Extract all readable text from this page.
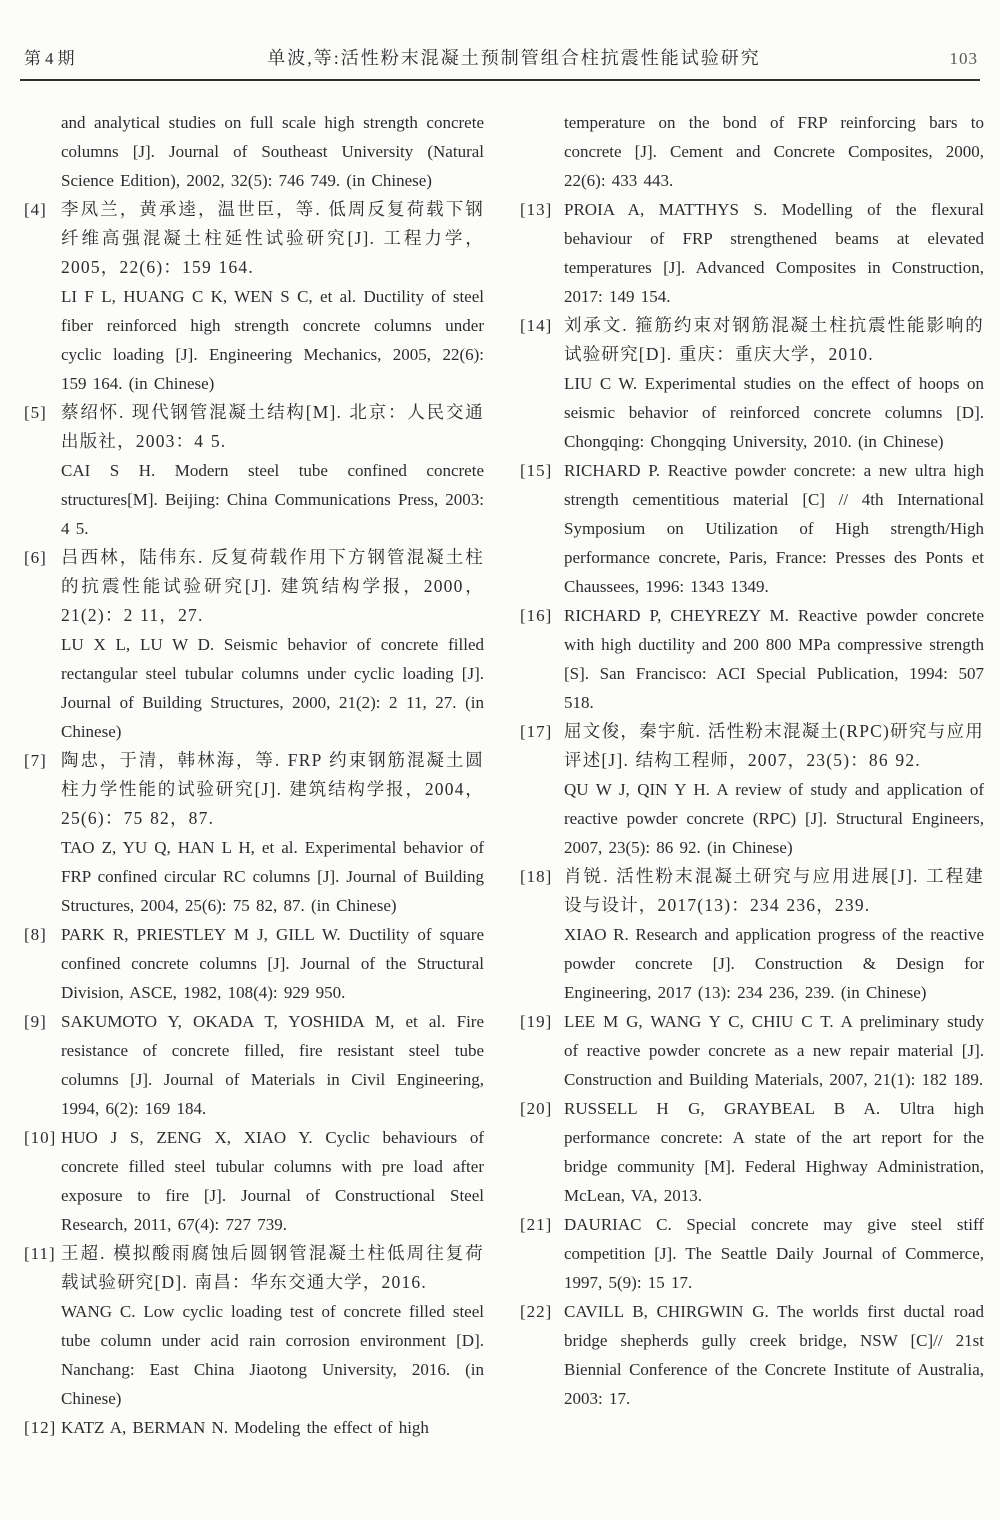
第4期	单波,等:活性粉末混凝土预制管组合柱抗震性能试验研究	103

and analytical studies on full scale high strength concrete columns [J]. Journal of Southeast University (Natural Science Edition), 2002, 32(5): 746 749. (in Chinese)

[4] 李凤兰，黄承逵，温世臣，等. 低周反复荷载下钢纤维高强混凝土柱延性试验研究[J]. 工程力学，2005，22(6)：159 164.

LI F L, HUANG C K, WEN S C, et al. Ductility of steel fiber reinforced high strength concrete columns under cyclic loading [J]. Engineering Mechanics, 2005, 22(6): 159 164. (in Chinese)

[5] 蔡绍怀. 现代钢管混凝土结构[M]. 北京：人民交通出版社，2003：4 5.

CAI S H. Modern steel tube confined concrete structures[M]. Beijing: China Communications Press, 2003: 4 5.

[6] 吕西林，陆伟东. 反复荷载作用下方钢管混凝土柱的抗震性能试验研究[J]. 建筑结构学报，2000，21(2)：2 11，27.

LU X L, LU W D. Seismic behavior of concrete filled rectangular steel tubular columns under cyclic loading [J]. Journal of Building Structures, 2000, 21(2): 2 11, 27. (in Chinese)

[7] 陶忠，于清，韩林海，等. FRP 约束钢筋混凝土圆柱力学性能的试验研究[J]. 建筑结构学报，2004，25(6)：75 82，87.

TAO Z, YU Q, HAN L H, et al. Experimental behavior of FRP confined circular RC columns [J]. Journal of Building Structures, 2004, 25(6): 75 82, 87. (in Chinese)

[8] PARK R, PRIESTLEY M J, GILL W. Ductility of square confined concrete columns [J]. Journal of the Structural Division, ASCE, 1982, 108(4): 929 950.

[9] SAKUMOTO Y, OKADA T, YOSHIDA M, et al. Fire resistance of concrete filled, fire resistant steel tube columns [J]. Journal of Materials in Civil Engineering, 1994, 6(2): 169 184.

[10] HUO J S, ZENG X, XIAO Y. Cyclic behaviours of concrete filled steel tubular columns with pre load after exposure to fire [J]. Journal of Constructional Steel Research, 2011, 67(4): 727 739.

[11] 王超. 模拟酸雨腐蚀后圆钢管混凝土柱低周往复荷载试验研究[D]. 南昌：华东交通大学，2016.

WANG C. Low cyclic loading test of concrete filled steel tube column under acid rain corrosion environment [D]. Nanchang: East China Jiaotong University, 2016. (in Chinese)

[12] KATZ A, BERMAN N. Modeling the effect of high

temperature on the bond of FRP reinforcing bars to concrete [J]. Cement and Concrete Composites, 2000, 22(6): 433 443.

[13] PROIA A, MATTHYS S. Modelling of the flexural behaviour of FRP strengthened beams at elevated temperatures [J]. Advanced Composites in Construction, 2017: 149 154.

[14] 刘承文. 箍筋约束对钢筋混凝土柱抗震性能影响的试验研究[D]. 重庆：重庆大学，2010.

LIU C W. Experimental studies on the effect of hoops on seismic behavior of reinforced concrete columns [D]. Chongqing: Chongqing University, 2010. (in Chinese)

[15] RICHARD P. Reactive powder concrete: a new ultra high strength cementitious material [C] // 4th International Symposium on Utilization of High strength/High performance concrete, Paris, France: Presses des Ponts et Chaussees, 1996: 1343 1349.

[16] RICHARD P, CHEYREZY M. Reactive powder concrete with high ductility and 200 800 MPa compressive strength [S]. San Francisco: ACI Special Publication, 1994: 507 518.

[17] 屈文俊，秦宇航. 活性粉末混凝土(RPC)研究与应用评述[J]. 结构工程师，2007，23(5)：86 92.

QU W J, QIN Y H. A review of study and application of reactive powder concrete (RPC) [J]. Structural Engineers, 2007, 23(5): 86 92. (in Chinese)

[18] 肖锐. 活性粉末混凝土研究与应用进展[J]. 工程建设与设计，2017(13)：234 236，239.

XIAO R. Research and application progress of the reactive powder concrete [J]. Construction & Design for Engineering, 2017 (13): 234 236, 239. (in Chinese)

[19] LEE M G, WANG Y C, CHIU C T. A preliminary study of reactive powder concrete as a new repair material [J]. Construction and Building Materials, 2007, 21(1): 182 189.

[20] RUSSELL H G, GRAYBEAL B A. Ultra high performance concrete: A state of the art report for the bridge community [M]. Federal Highway Administration, McLean, VA, 2013.

[21] DAURIAC C. Special concrete may give steel stiff competition [J]. The Seattle Daily Journal of Commerce, 1997, 5(9): 15 17.

[22] CAVILL B, CHIRGWIN G. The worlds first ductal road bridge shepherds gully creek bridge, NSW [C]// 21st Biennial Conference of the Concrete Institute of Australia, 2003: 17.
